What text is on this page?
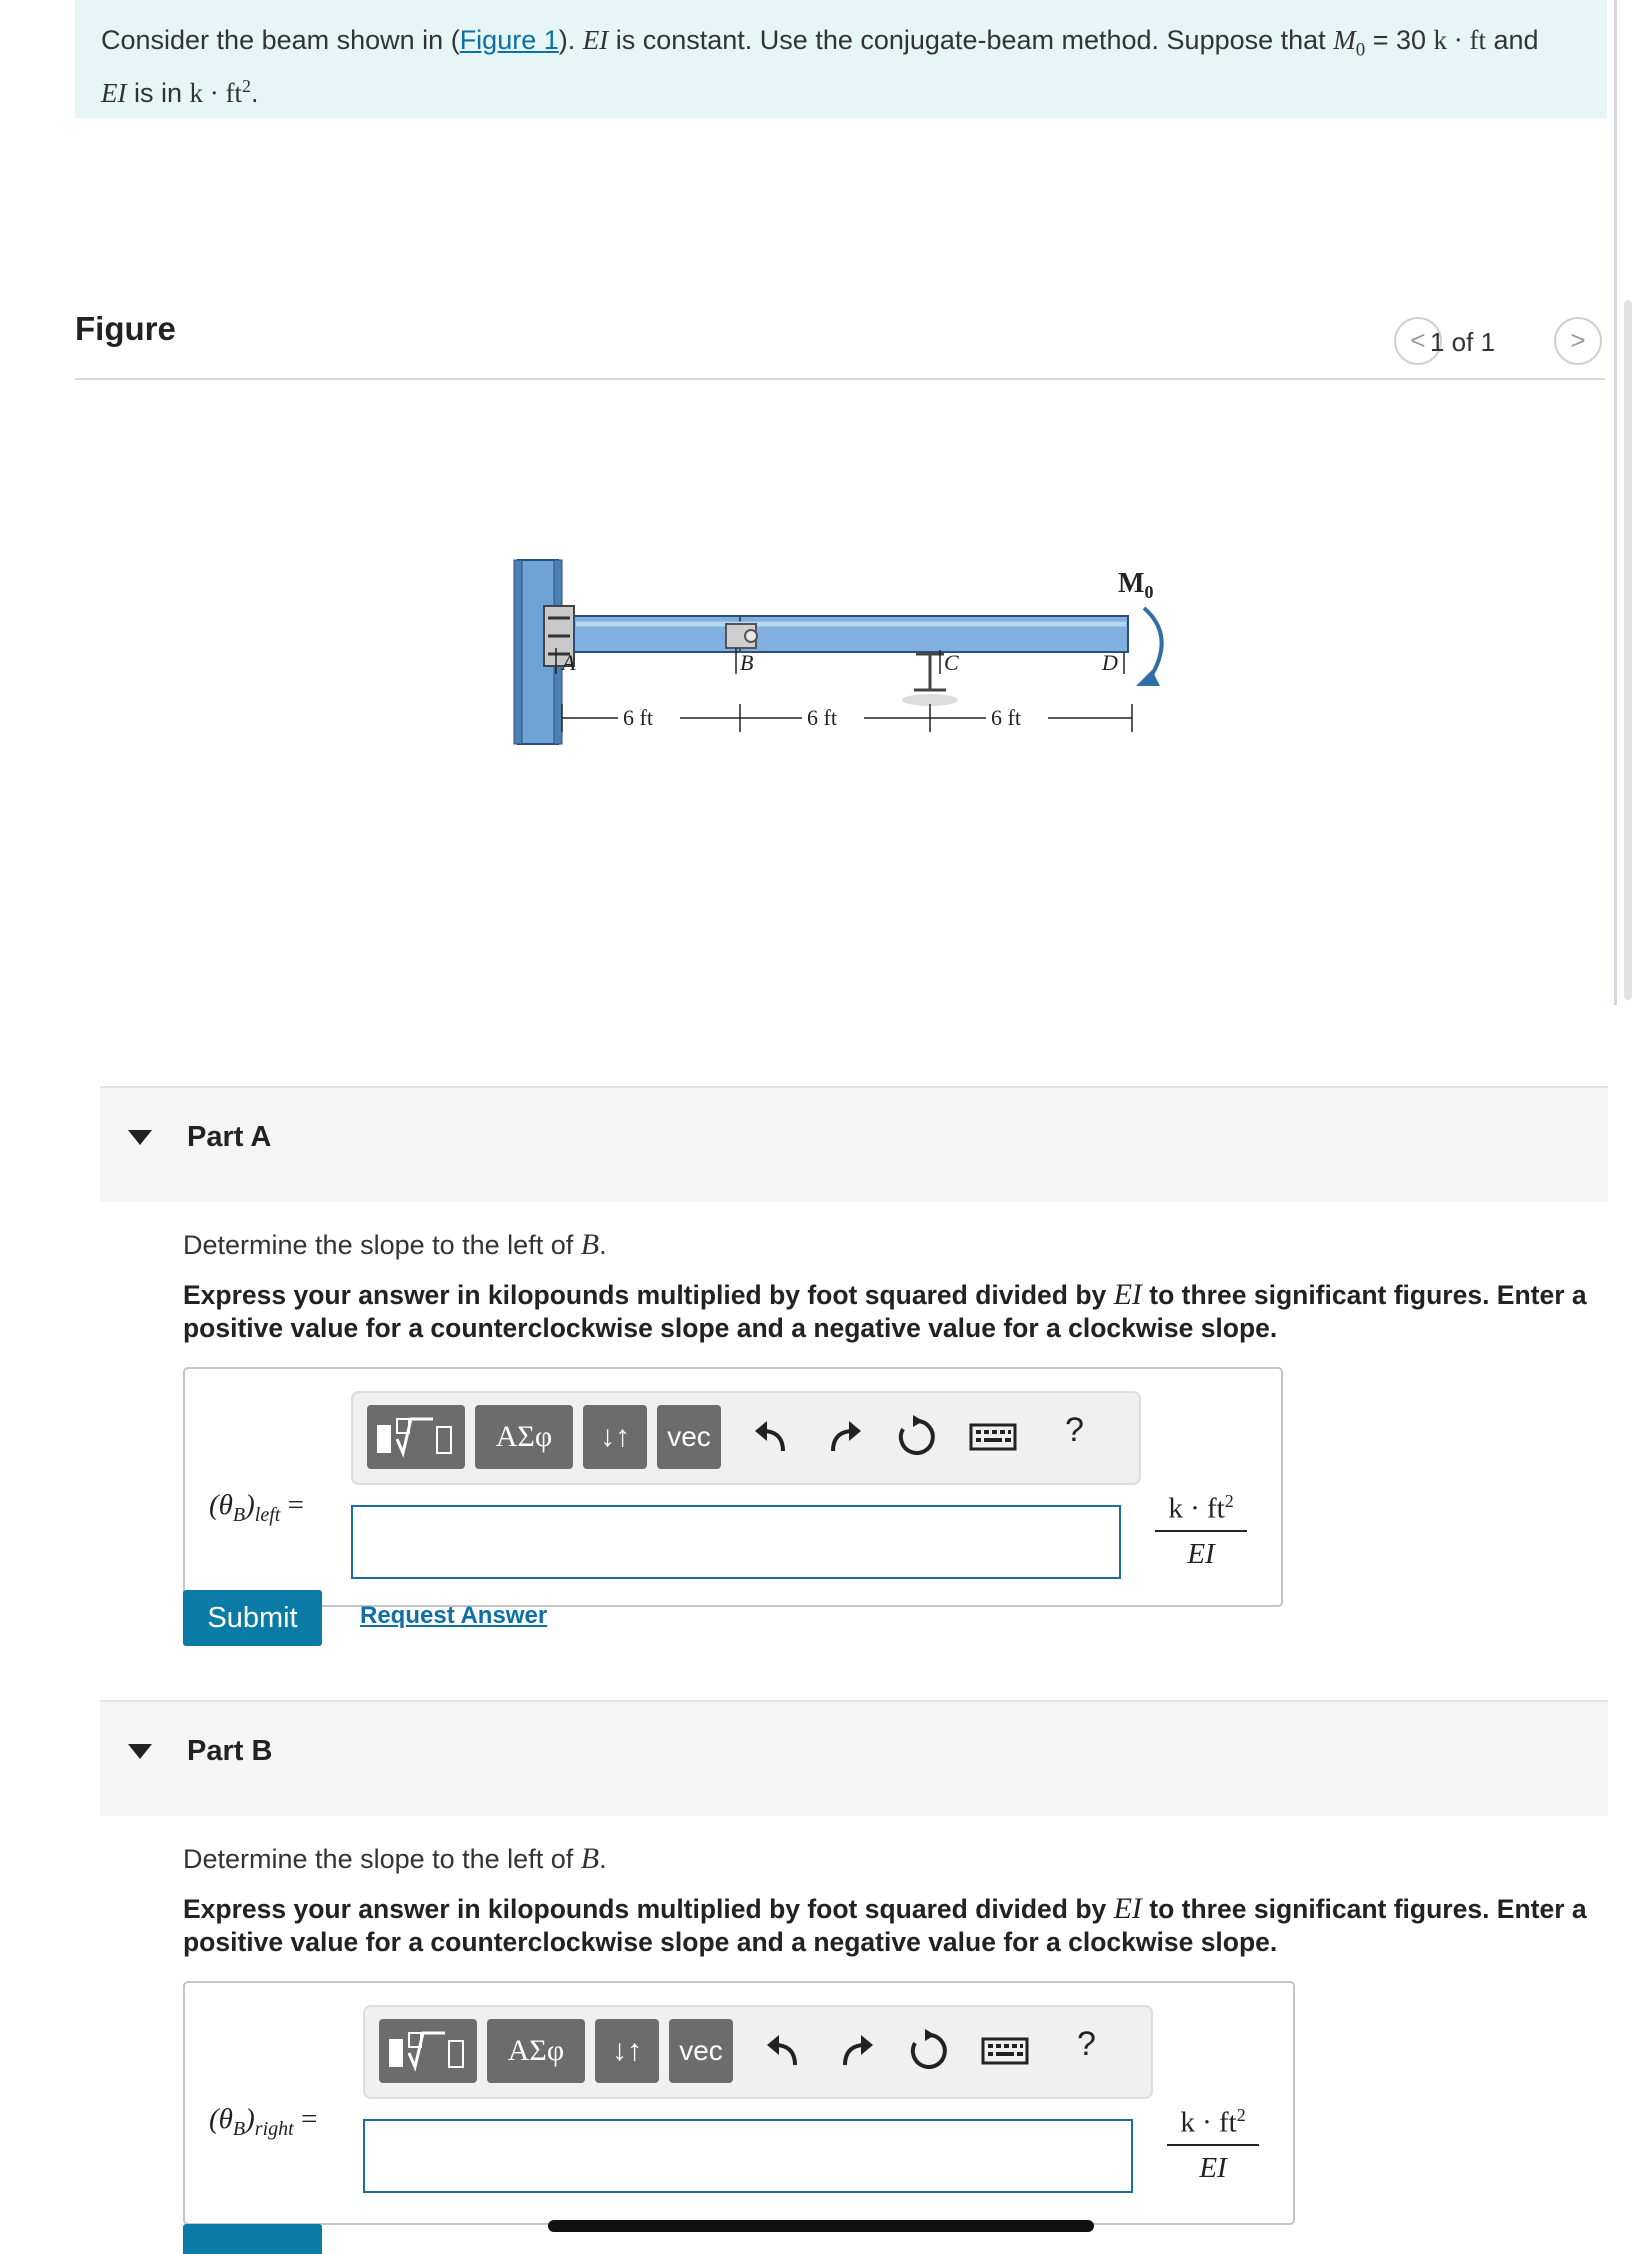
Consider the beam shown in (Figure 1). EI is constant. Use the conjugate-beam method. Suppose that $M_0 = 30$ k · ft and
EI is in $k \cdot ft^2$.
Figure	< 1 of 1	>
A	B	C	D
$M_0$
6 ft	6 ft	6 ft
Part A
Determine the slope to the left of B.
Express your answer in kilopounds multiplied by foot squared divided by EI to three significant figures. Enter a positive value for a counterclockwise slope and a negative value for a clockwise slope.
ΑΣφ	↓↑	vec	?
$(\theta_B)_{left}$ =	$\frac{k \cdot ft^2}{EI}$
Submit	Request Answer
Part B
Determine the slope to the left of B.
Express your answer in kilopounds multiplied by foot squared divided by EI to three significant figures. Enter a positive value for a counterclockwise slope and a negative value for a clockwise slope.
ΑΣφ	↓↑	vec	?
$(\theta_B)_{right}$ =	$\frac{k \cdot ft^2}{EI}$
